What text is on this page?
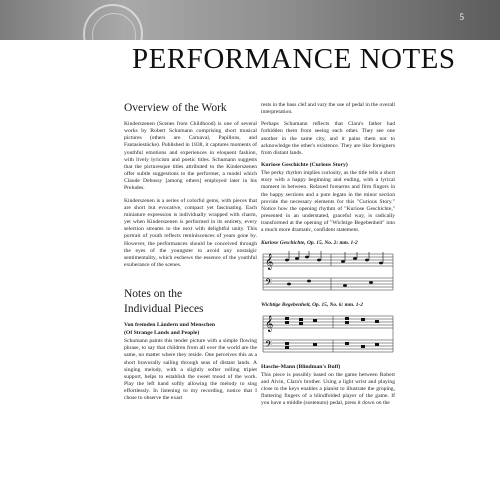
5
PERFORMANCE NOTES
Overview of the Work

Kinderszenen (Scenes from Childhood) is one of several works by Robert Schumann comprising short musical pictures (others are Carnaval, Papillons, and Fantasiestücke). Published in 1838, it captures moments of youthful emotions and experiences in eloquent fashion, with lively lyricism and poetic titles. Schumann suggests that the picturesque titles attributed to the Kinderszenen offer subtle suggestions to the performer, a model which Claude Debussy [among others] employed later in his Preludes.

Kinderszenen is a series of colorful gems, with pieces that are short but evocative, compact yet fascinating. Each miniature expression is individually wrapped with charm, yet when Kinderszenen is performed in its entirety, every selection streams to the next with delightful unity. This portrait of youth reflects reminiscences of years gone by. However, the performances should be conceived through the eyes of the youngster to avoid any nostalgic sentimentality, which eschews the essence of the youthful exuberance of the scenes.

Notes on the
Individual Pieces
Von fremden Ländern und Menschen
(Of Strange Lands and People)

Schumann paints this tender picture with a simple flowing phrase, to say that children from all over the world are the same, no matter where they reside. One perceives this as a short bravurally sailing through seas of distant lands. A singing melody, with a slightly softer rolling triplet support, helps to establish the sweet mood of the work. Play the left hand softly allowing the melody to sing effortlessly. In listening to my recording, notice that I chose to observe the exact

rests in the bass clef and vary the use of pedal in the overall interpretation.

Perhaps Schumann reflects that Clara's father had forbidden them from seeing each other. They see one another in the same city, and it pains them not to acknowledge the other's existence. They are like foreigners from distant lands.

Kuriose Geschichte (Curious Story)

The perky rhythm implies curiosity, as the title tells a short story with a happy beginning and ending, with a lyrical moment in between. Relaxed forearms and firm fingers in the happy sections and a pure legato in the minor section provide the necessary elements for this "Curious Story." Notice how the opening rhythm of "Kuriose Geschichte," presented in an understated, graceful way, is radically transformed at the opening of "Wichtige Begebenheit" into a much more dramatic, confident statement.

Kuriose Geschichte, Op. 15, No. 2: mm. 1-2
𝄞
𝄢
Wichtige Begebenheit, Op. 15, No. 6: mm. 1-2
𝄞
𝄢
Hasche-Mann (Blindman's Buff)

This piece is possibly based on the game between Robert and Alvin, Clara's brother. Using a light wrist and playing close to the keys enables a pianist to illustrate the groping, fluttering fingers of a blindfolded player of the game. If you have a middle (sostenuto) pedal, press it down on the
